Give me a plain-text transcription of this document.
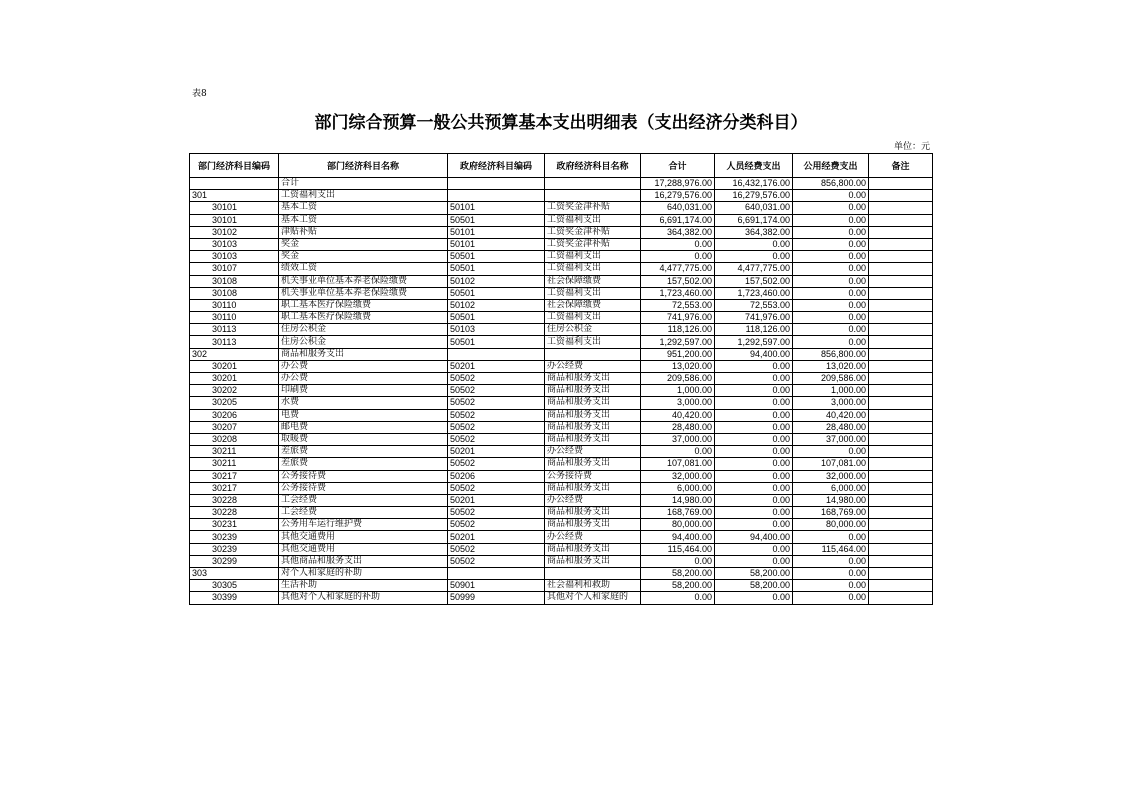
表8
部门综合预算一般公共预算基本支出明细表（支出经济分类科目）
单位：元
部门经济科目编码	部门经济科目名称	政府经济科目编码	政府经济科目名称	合计	人员经费支出	公用经费支出	备注
	合计			17,288,976.00	16,432,176.00	856,800.00	
301	工资福利支出			16,279,576.00	16,279,576.00	0.00	
30101	基本工资	50101	工资奖金津补贴	640,031.00	640,031.00	0.00	
30101	基本工资	50501	工资福利支出	6,691,174.00	6,691,174.00	0.00	
30102	津贴补贴	50101	工资奖金津补贴	364,382.00	364,382.00	0.00	
30103	奖金	50101	工资奖金津补贴	0.00	0.00	0.00	
30103	奖金	50501	工资福利支出	0.00	0.00	0.00	
30107	绩效工资	50501	工资福利支出	4,477,775.00	4,477,775.00	0.00	
30108	机关事业单位基本养老保险缴费	50102	社会保障缴费	157,502.00	157,502.00	0.00	
30108	机关事业单位基本养老保险缴费	50501	工资福利支出	1,723,460.00	1,723,460.00	0.00	
30110	职工基本医疗保险缴费	50102	社会保障缴费	72,553.00	72,553.00	0.00	
30110	职工基本医疗保险缴费	50501	工资福利支出	741,976.00	741,976.00	0.00	
30113	住房公积金	50103	住房公积金	118,126.00	118,126.00	0.00	
30113	住房公积金	50501	工资福利支出	1,292,597.00	1,292,597.00	0.00	
302	商品和服务支出			951,200.00	94,400.00	856,800.00	
30201	办公费	50201	办公经费	13,020.00	0.00	13,020.00	
30201	办公费	50502	商品和服务支出	209,586.00	0.00	209,586.00	
30202	印刷费	50502	商品和服务支出	1,000.00	0.00	1,000.00	
30205	水费	50502	商品和服务支出	3,000.00	0.00	3,000.00	
30206	电费	50502	商品和服务支出	40,420.00	0.00	40,420.00	
30207	邮电费	50502	商品和服务支出	28,480.00	0.00	28,480.00	
30208	取暖费	50502	商品和服务支出	37,000.00	0.00	37,000.00	
30211	差旅费	50201	办公经费	0.00	0.00	0.00	
30211	差旅费	50502	商品和服务支出	107,081.00	0.00	107,081.00	
30217	公务接待费	50206	公务接待费	32,000.00	0.00	32,000.00	
30217	公务接待费	50502	商品和服务支出	6,000.00	0.00	6,000.00	
30228	工会经费	50201	办公经费	14,980.00	0.00	14,980.00	
30228	工会经费	50502	商品和服务支出	168,769.00	0.00	168,769.00	
30231	公务用车运行维护费	50502	商品和服务支出	80,000.00	0.00	80,000.00	
30239	其他交通费用	50201	办公经费	94,400.00	94,400.00	0.00	
30239	其他交通费用	50502	商品和服务支出	115,464.00	0.00	115,464.00	
30299	其他商品和服务支出	50502	商品和服务支出	0.00	0.00	0.00	
303	对个人和家庭的补助			58,200.00	58,200.00	0.00	
30305	生活补助	50901	社会福利和救助	58,200.00	58,200.00	0.00	
30399	其他对个人和家庭的补助	50999	其他对个人和家庭的	0.00	0.00	0.00	
